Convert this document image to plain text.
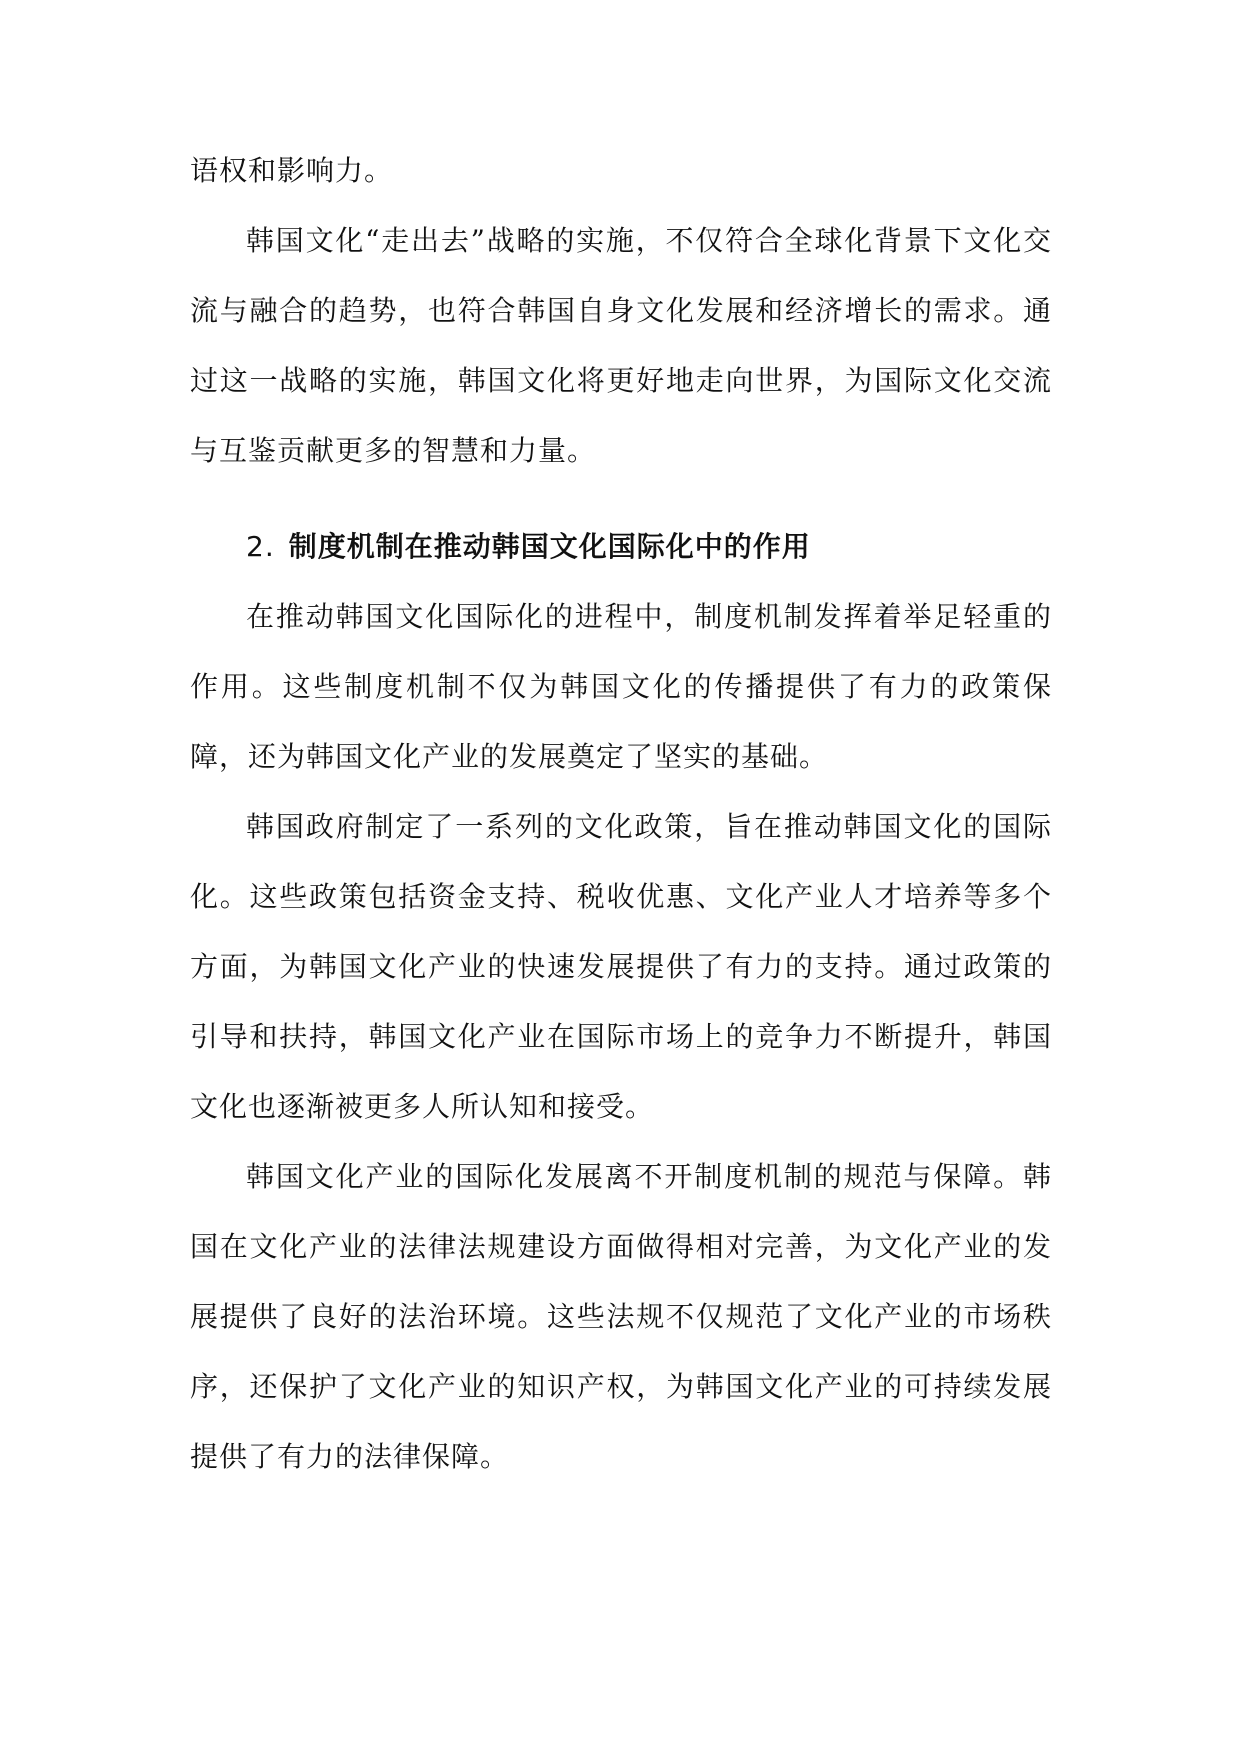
语权和影响力。

韩国文化“走出去”战略的实施，不仅符合全球化背景下文化交流与融合的趋势，也符合韩国自身文化发展和经济增长的需求。通过这一战略的实施，韩国文化将更好地走向世界，为国际文化交流与互鉴贡献更多的智慧和力量。

2. 制度机制在推动韩国文化国际化中的作用

在推动韩国文化国际化的进程中，制度机制发挥着举足轻重的作用。这些制度机制不仅为韩国文化的传播提供了有力的政策保障，还为韩国文化产业的发展奠定了坚实的基础。

韩国政府制定了一系列的文化政策，旨在推动韩国文化的国际化。这些政策包括资金支持、税收优惠、文化产业人才培养等多个方面，为韩国文化产业的快速发展提供了有力的支持。通过政策的引导和扶持，韩国文化产业在国际市场上的竞争力不断提升，韩国文化也逐渐被更多人所认知和接受。

韩国文化产业的国际化发展离不开制度机制的规范与保障。韩国在文化产业的法律法规建设方面做得相对完善，为文化产业的发展提供了良好的法治环境。这些法规不仅规范了文化产业的市场秩序，还保护了文化产业的知识产权，为韩国文化产业的可持续发展提供了有力的法律保障。
